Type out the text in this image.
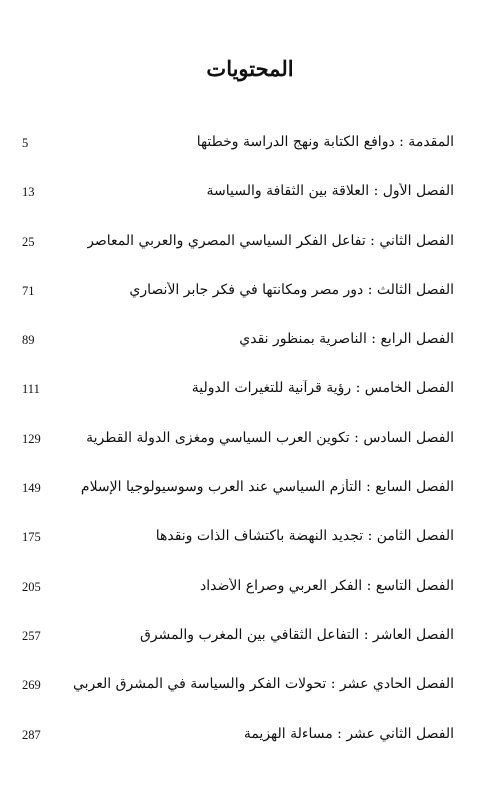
المحتويات
المقدمة : دوافع الكتابة ونهج الدراسة وخطتها
5
الفصل الأول : العلاقة بين الثقافة والسياسة
13
الفصل الثاني : تفاعل الفكر السياسي المصري والعربي المعاصر
25
الفصل الثالث : دور مصر ومكانتها في فكر جابر الأنصاري
71
الفصل الرابع : الناصرية بمنظور نقدي
89
الفصل الخامس : رؤية قرآنية للتغيرات الدولية
111
الفصل السادس : تكوين العرب السياسي ومغزى الدولة القطرية
129
الفصل السابع : التأزم السياسي عند العرب وسوسيولوجيا الإسلام
149
الفصل الثامن : تجديد النهضة باكتشاف الذات ونقدها
175
الفصل التاسع : الفكر العربي وصراع الأضداد
205
الفصل العاشر : التفاعل الثقافي بين المغرب والمشرق
257
الفصل الحادي عشر : تحولات الفكر والسياسة في المشرق العربي
269
الفصل الثاني عشر : مساءلة الهزيمة
287
